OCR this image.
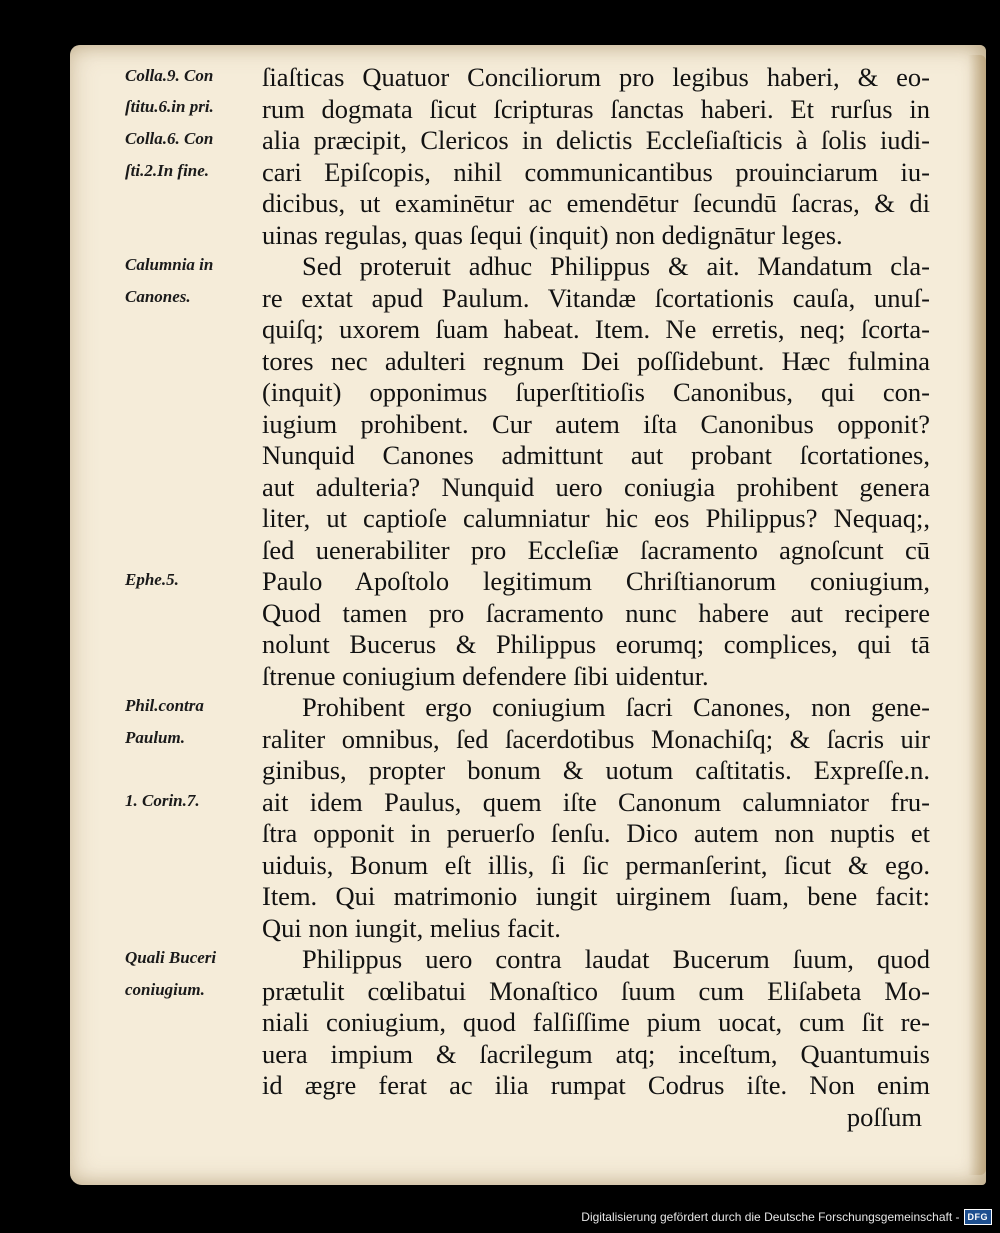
Colla.9. Con

ſtitu.6.in pri.

Colla.6. Con

ſti.2.In fine.

Calumnia in

Canones.

Ephe.5.

Phil.contra

Paulum.

1. Corin.7.

Quali Buceri

coniugium.

ſiaſticas Quatuor Conciliorum pro legibus haberi, & eo-
rum dogmata ſicut ſcripturas ſanctas haberi. Et rurſus in
alia præcipit, Clericos in delictis Eccleſiaſticis à ſolis iudi-
cari Epiſcopis, nihil communicantibus prouinciarum iu-
dicibus, ut examinētur ac emendētur ſecundū ſacras, & di
uinas regulas, quas ſequi (inquit) non dedignātur leges.
Sed proteruit adhuc Philippus & ait. Mandatum cla-
re extat apud Paulum. Vitandæ ſcortationis cauſa, unuſ-
quiſq; uxorem ſuam habeat. Item. Ne erretis, neq; ſcorta-
tores nec adulteri regnum Dei poſſidebunt. Hæc fulmina
(inquit) opponimus ſuperſtitioſis Canonibus, qui con-
iugium prohibent. Cur autem iſta Canonibus opponit?
Nunquid Canones admittunt aut probant ſcortationes,
aut adulteria? Nunquid uero coniugia prohibent genera
liter, ut captioſe calumniatur hic eos Philippus? Nequaq;,
ſed uenerabiliter pro Eccleſiæ ſacramento agnoſcunt cū
Paulo Apoſtolo legitimum Chriſtianorum coniugium,
Quod tamen pro ſacramento nunc habere aut recipere
nolunt Bucerus & Philippus eorumq; complices, qui tā
ſtrenue coniugium defendere ſibi uidentur.
Prohibent ergo coniugium ſacri Canones, non gene-
raliter omnibus, ſed ſacerdotibus Monachiſq; & ſacris uir
ginibus, propter bonum & uotum caſtitatis. Expreſſe.n.
ait idem Paulus, quem iſte Canonum calumniator fru-
ſtra opponit in peruerſo ſenſu. Dico autem non nuptis et
uiduis, Bonum eſt illis, ſi ſic permanſerint, ſicut & ego.
Item. Qui matrimonio iungit uirginem ſuam, bene facit:
Qui non iungit, melius facit.
Philippus uero contra laudat Bucerum ſuum, quod
prætulit cœlibatui Monaſtico ſuum cum Eliſabeta Mo-
niali coniugium, quod falſiſſime pium uocat, cum ſit re-
uera impium & ſacrilegum atq; inceſtum, Quantumuis
id ægre ferat ac ilia rumpat Codrus iſte. Non enim
poſſum
Digitalisierung gefördert durch die Deutsche Forschungsgemeinschaft - DFG
